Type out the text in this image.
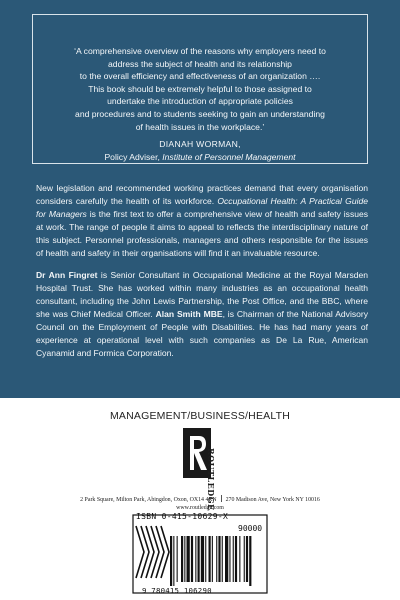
‘A comprehensive overview of the reasons why employers need to
address the subject of health and its relationship
to the overall efficiency and effectiveness of an organization ….
This book should be extremely helpful to those assigned to
undertake the introduction of appropriate policies
and procedures and to students seeking to gain an understanding
of health issues in the workplace.’
DIANAH WORMAN,
Policy Adviser, Institute of Personnel Management

New legislation and recommended working practices demand that every organisation considers carefully the health of its workforce. Occupational Health: A Practical Guide for Managers is the first text to offer a comprehensive view of health and safety issues at work. The range of people it aims to appeal to reflects the interdisciplinary nature of this subject. Personnel professionals, managers and others responsible for the issues of health and safety in their organisations will find it an invaluable resource.

Dr Ann Fingret is Senior Consultant in Occupational Medicine at the Royal Marsden Hospital Trust. She has worked within many industries as an occupational health consultant, including the John Lewis Partnership, the Post Office, and the BBC, where she was Chief Medical Officer. Alan Smith MBE, is Chairman of the National Advisory Council on the Employment of People with Disabilities. He has had many years of experience at operational level with such companies as De La Rue, American Cyanamid and Formica Corporation.

MANAGEMENT/BUSINESS/HEALTH
2 Park Square, Milton Park, Abingdon, Oxon, OX14 4RN 270 Madison Ave, New York NY 10016
www.routledge.com
ISBN 0-415-10629-X
90000
9 780415 106290
